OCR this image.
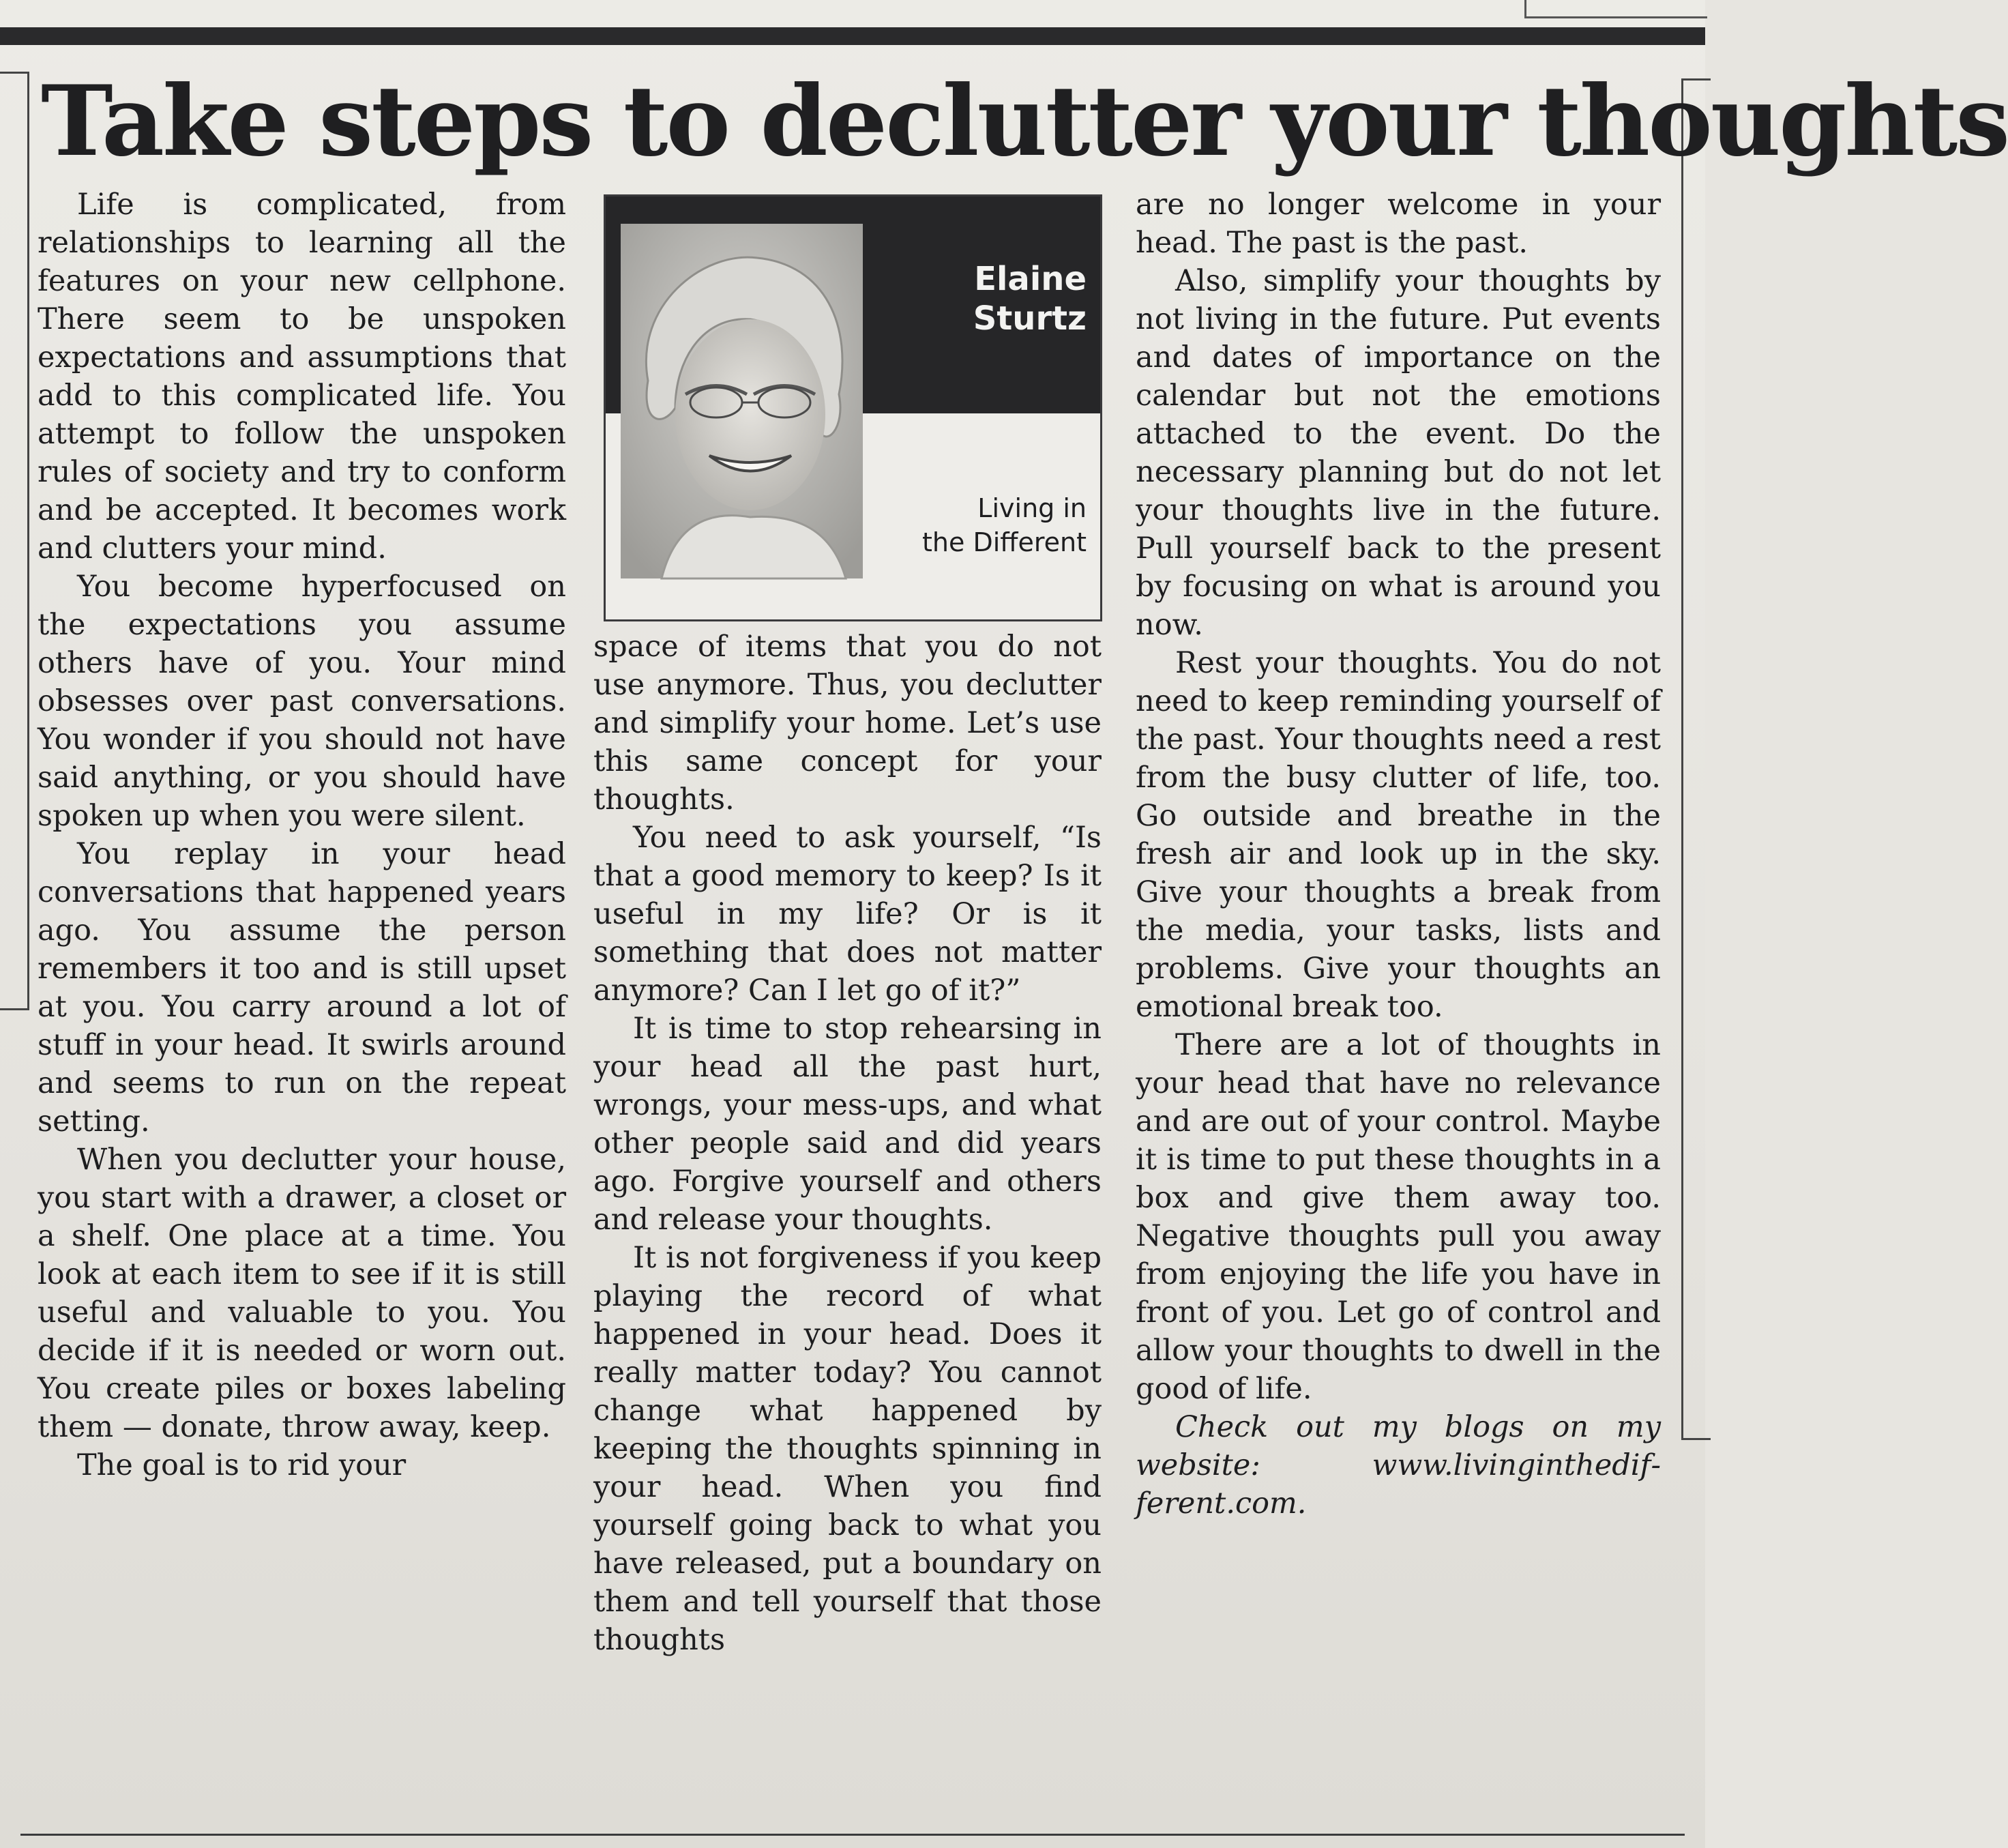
Take steps to declutter your thoughts

Life is complicated, from relationships to learning all the features on your new cellphone. There seem to be unspoken expectations and assumptions that add to this complicated life. You attempt to follow the unspoken rules of society and try to conform and be accepted. It becomes work and clutters your mind.

You become hyperfocused on the expectations you assume others have of you. Your mind obsesses over past conversations. You wonder if you should not have said anything, or you should have spoken up when you were silent.

You replay in your head conversations that happened years ago. You assume the person remembers it too and is still upset at you. You carry around a lot of stuff in your head. It swirls around and seems to run on the repeat setting.

When you declutter your house, you start with a drawer, a closet or a shelf. One place at a time. You look at each item to see if it is still useful and valuable to you. You decide if it is needed or worn out. You create piles or boxes labeling them — donate, throw away, keep.

The goal is to rid your

Elaine
Sturtz
Living in
the Different

space of items that you do not use anymore. Thus, you declutter and simplify your home. Let’s use this same concept for your thoughts.

You need to ask yourself, “Is that a good memory to keep? Is it useful in my life? Or is it something that does not matter anymore? Can I let go of it?”

It is time to stop rehearsing in your head all the past hurt, wrongs, your mess-ups, and what other people said and did years ago. Forgive yourself and others and release your thoughts.

It is not forgiveness if you keep playing the record of what happened in your head. Does it really matter today? You cannot change what happened by keeping the thoughts spinning in your head. When you find yourself going back to what you have released, put a boundary on them and tell yourself that those thoughts

are no longer welcome in your head. The past is the past.

Also, simplify your thoughts by not living in the future. Put events and dates of importance on the calendar but not the emotions attached to the event. Do the necessary planning but do not let your thoughts live in the future. Pull yourself back to the present by focusing on what is around you now.

Rest your thoughts. You do not need to keep reminding yourself of the past. Your thoughts need a rest from the busy clutter of life, too. Go outside and breathe in the fresh air and look up in the sky. Give your thoughts a break from the media, your tasks, lists and problems. Give your thoughts an emotional break too.

There are a lot of thoughts in your head that have no relevance and are out of your control. Maybe it is time to put these thoughts in a box and give them away too. Negative thoughts pull you away from enjoying the life you have in front of you. Let go of control and allow your thoughts to dwell in the good of life.

Check out my blogs on my website: www.livinginthedifferent.com.
